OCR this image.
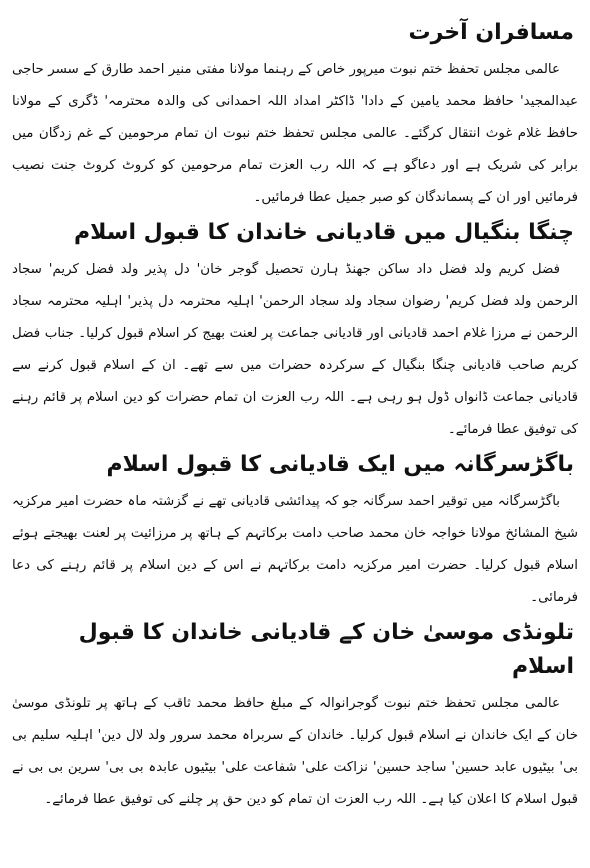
مسافران آخرت

عالمی مجلس تحفظ ختم نبوت میرپور خاص کے رہنما مولانا مفتی منیر احمد طارق کے سسر حاجی عبدالمجید' حافظ محمد یامین کے دادا' ڈاکٹر امداد اللہ احمدانی کی والدہ محترمہ' ڈگری کے مولانا حافظ غلام غوث انتقال کرگئے۔ عالمی مجلس تحفظ ختم نبوت ان تمام مرحومین کے غم زدگان میں برابر کی شریک ہے اور دعاگو ہے کہ اللہ رب العزت تمام مرحومین کو کروٹ کروٹ جنت نصیب فرمائیں اور ان کے پسماندگان کو صبر جمیل عطا فرمائیں۔

چنگا بنگیال میں قادیانی خاندان کا قبول اسلام

فضل کریم ولد فضل داد ساکن جھنڈ ہارن تحصیل گوجر خان' دل پذیر ولد فضل کریم' سجاد الرحمن ولد فضل کریم' رضوان سجاد ولد سجاد الرحمن' اہلیہ محترمہ دل پذیر' اہلیہ محترمہ سجاد الرحمن نے مرزا غلام احمد قادیانی اور قادیانی جماعت پر لعنت بھیج کر اسلام قبول کرلیا۔ جناب فضل کریم صاحب قادیانی چنگا بنگیال کے سرکردہ حضرات میں سے تھے۔ ان کے اسلام قبول کرنے سے قادیانی جماعت ڈانواں ڈول ہو رہی ہے۔ اللہ رب العزت ان تمام حضرات کو دین اسلام پر قائم رہنے کی توفیق عطا فرمائے۔

باگڑسرگانہ میں ایک قادیانی کا قبول اسلام

باگڑسرگانہ میں توقیر احمد سرگانہ جو کہ پیدائشی قادیانی تھے نے گزشتہ ماہ حضرت امیر مرکزیہ شیخ المشائخ مولانا خواجہ خان محمد صاحب دامت برکاتہم کے ہاتھ پر مرزائیت پر لعنت بھیجتے ہوئے اسلام قبول کرلیا۔ حضرت امیر مرکزیہ دامت برکاتہم نے اس کے دین اسلام پر قائم رہنے کی دعا فرمائی۔

تلونڈی موسیٰ خان کے قادیانی خاندان کا قبول اسلام

عالمی مجلس تحفظ ختم نبوت گوجرانوالہ کے مبلغ حافظ محمد ثاقب کے ہاتھ پر تلونڈی موسیٰ خان کے ایک خاندان نے اسلام قبول کرلیا۔ خاندان کے سربراہ محمد سرور ولد لال دین' اہلیہ سلیم بی بی' بیٹیوں عابد حسین' ساجد حسین' نزاکت علی' شفاعت علی' بیٹیوں عابدہ بی بی' سرین بی بی نے قبول اسلام کا اعلان کیا ہے۔ اللہ رب العزت ان تمام کو دین حق پر چلنے کی توفیق عطا فرمائے۔
